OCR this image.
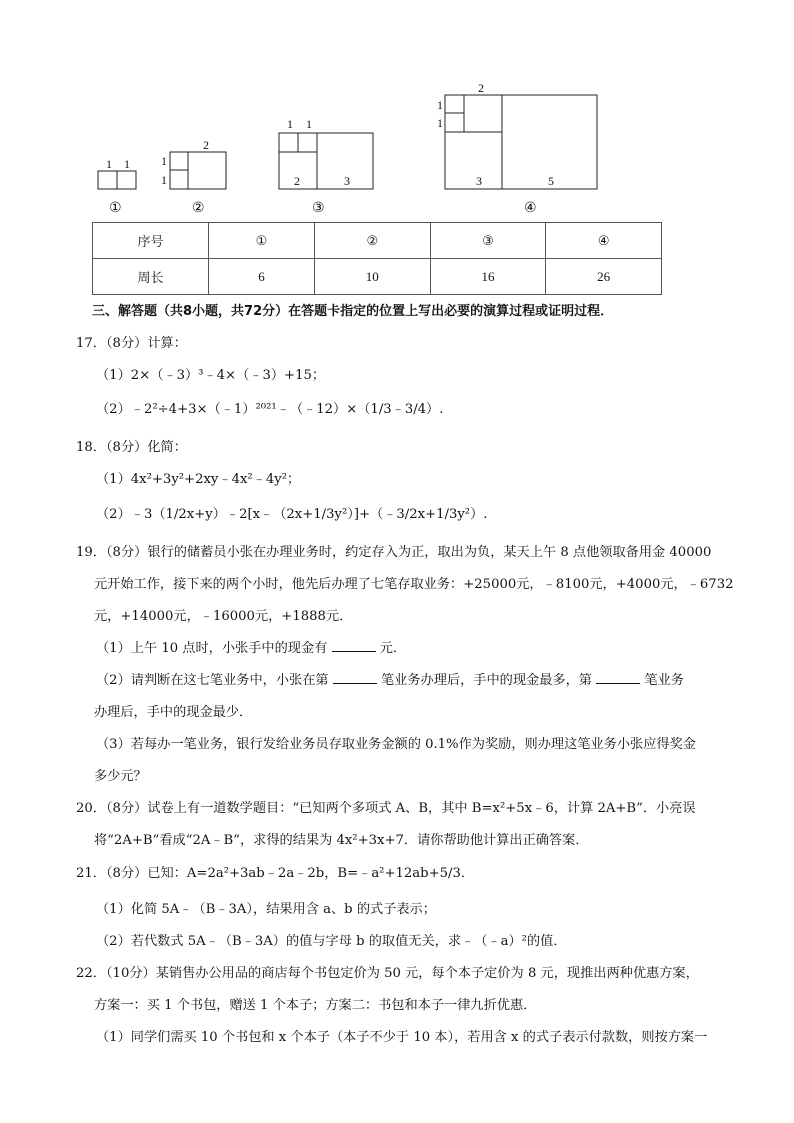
1 1
①
2
1
1
②
1 1
2	3
③
2
1
1
3	5
④
序号	①	②	③	④
周长	6	10	16	26
三、解答题（共8小题，共72分）在答题卡指定的位置上写出必要的演算过程或证明过程．
17．（8分）计算：
（1）2×（﹣3）³﹣4×（﹣3）+15；
（2）﹣2²÷4+3×（﹣1）²⁰²¹﹣（﹣12）×（1/3﹣3/4）.
18．（8分）化简：
（1）4x²+3y²+2xy﹣4x²﹣4y²；
（2）﹣3（1/2x+y）﹣2[x﹣（2x+1/3y²）]+（﹣3/2x+1/3y²）.
19．（8分）银行的储蓄员小张在办理业务时，约定存入为正，取出为负，某天上午 8 点他领取备用金 40000
元开始工作，接下来的两个小时，他先后办理了七笔存取业务：+25000元，﹣8100元，+4000元，﹣6732
元，+14000元，﹣16000元，+1888元．
（1）上午 10 点时，小张手中的现金有	元．
（2）请判断在这七笔业务中，小张在第	笔业务办理后，手中的现金最多，第	笔业务
办理后，手中的现金最少．
（3）若每办一笔业务，银行发给业务员存取业务金额的 0.1%作为奖励，则办理这笔业务小张应得奖金
多少元？
20．（8分）试卷上有一道数学题目：“已知两个多项式 A、B，其中 B=x²+5x﹣6，计算 2A+B”．小亮误
将“2A+B”看成“2A﹣B”，求得的结果为 4x²+3x+7．请你帮助他计算出正确答案．
21．（8分）已知：A=2a²+3ab﹣2a﹣2b，B=﹣a²+12ab+5/3．
（1）化简 5A﹣（B﹣3A），结果用含 a、b 的式子表示；
（2）若代数式 5A﹣（B﹣3A）的值与字母 b 的取值无关，求﹣（﹣a）²的值．
22．（10分）某销售办公用品的商店每个书包定价为 50 元，每个本子定价为 8 元，现推出两种优惠方案，
方案一：买 1 个书包，赠送 1 个本子；方案二：书包和本子一律九折优惠．
（1）同学们需买 10 个书包和 x 个本子（本子不少于 10 本），若用含 x 的式子表示付款数，则按方案一
